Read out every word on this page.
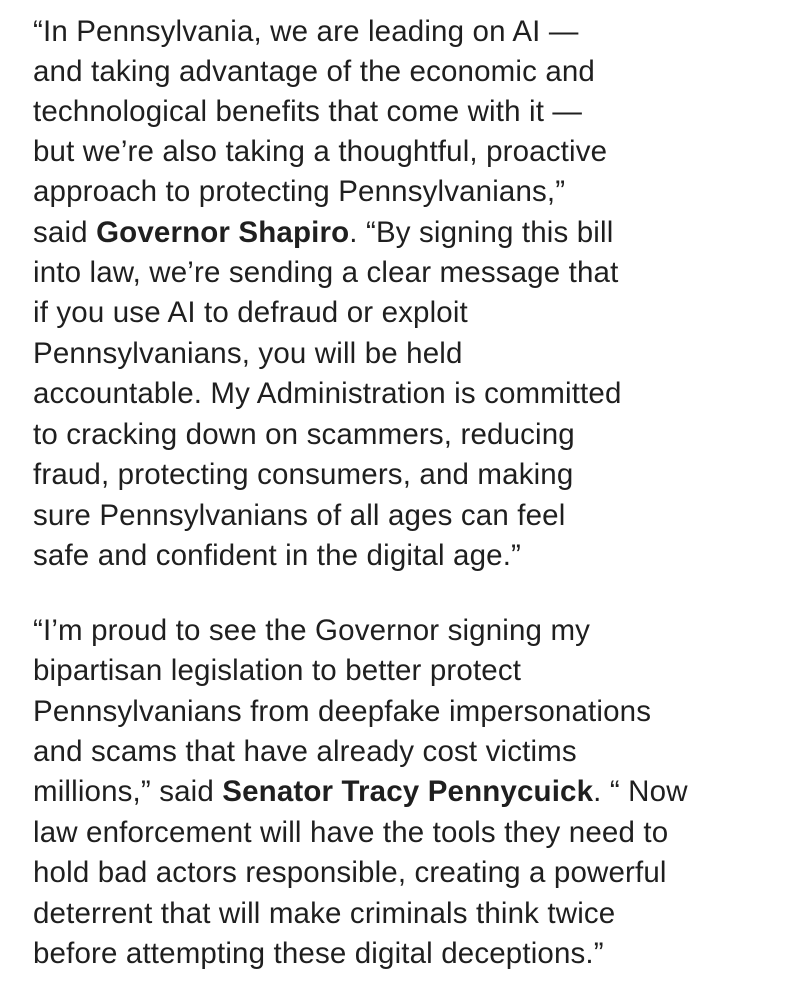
“In Pennsylvania, we are leading on AI —
and taking advantage of the economic and
technological benefits that come with it —
but we’re also taking a thoughtful, proactive
approach to protecting Pennsylvanians,”
said Governor Shapiro. “By signing this bill
into law, we’re sending a clear message that
if you use AI to defraud or exploit
Pennsylvanians, you will be held
accountable. My Administration is committed
to cracking down on scammers, reducing
fraud, protecting consumers, and making
sure Pennsylvanians of all ages can feel
safe and confident in the digital age.”
“I’m proud to see the Governor signing my
bipartisan legislation to better protect
Pennsylvanians from deepfake impersonations
and scams that have already cost victims
millions,” said Senator Tracy Pennycuick. “ Now
law enforcement will have the tools they need to
hold bad actors responsible, creating a powerful
deterrent that will make criminals think twice
before attempting these digital deceptions.”
